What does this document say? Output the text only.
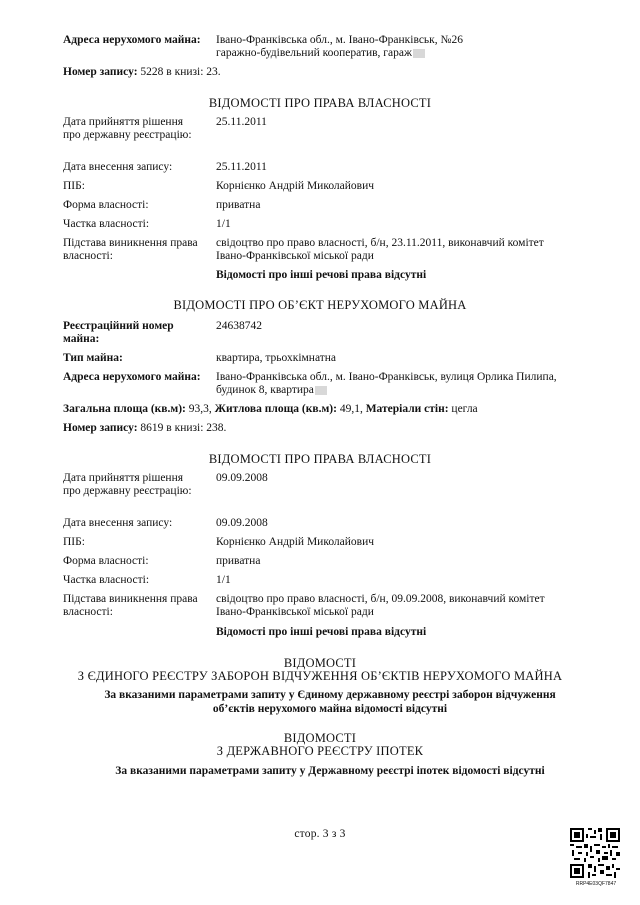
Адреса нерухомого майна: Івано-Франківська обл., м. Івано-Франківськ, №26
гаражно-будівельний кооператив, гараж
Номер запису: 5228 в книзі: 23.
ВІДОМОСТІ ПРО ПРАВА ВЛАСНОСТІ
Дата прийняття рішення про державну реєстрацію:
25.11.2011
Дата внесення запису:	25.11.2011
ПІБ:	Корнієнко Андрій Миколайович
Форма власності:	приватна
Частка власності:	1/1
Підстава виникнення права власності:
свідоцтво про право власності, б/н, 23.11.2011, виконавчий комітет
Івано-Франківської міської ради
Відомості про інші речові права відсутні
ВІДОМОСТІ ПРО ОБ’ЄКТ НЕРУХОМОГО МАЙНА
Реєстраційний номер майна:
24638742
Тип майна:	квартира, трьохкімнатна
Адреса нерухомого майна: Івано-Франківська обл., м. Івано-Франківськ, вулиця Орлика Пилипа,
будинок 8, квартира
Загальна площа (кв.м): 93,3, Житлова площа (кв.м): 49,1, Матеріали стін: цегла
Номер запису: 8619 в книзі: 238.
ВІДОМОСТІ ПРО ПРАВА ВЛАСНОСТІ
Дата прийняття рішення про державну реєстрацію:
09.09.2008
Дата внесення запису:	09.09.2008
ПІБ:	Корнієнко Андрій Миколайович
Форма власності:	приватна
Частка власності:	1/1
Підстава виникнення права власності:
свідоцтво про право власності, б/н, 09.09.2008, виконавчий комітет
Івано-Франківської міської ради
Відомості про інші речові права відсутні
ВІДОМОСТІ
З ЄДИНОГО РЕЄСТРУ ЗАБОРОН ВІДЧУЖЕННЯ ОБ’ЄКТІВ НЕРУХОМОГО МАЙНА
За вказаними параметрами запиту у Єдиному державному реєстрі заборон відчуження
об’єктів нерухомого майна відомості відсутні
ВІДОМОСТІ
З ДЕРЖАВНОГО РЕЄСТРУ ІПОТЕК
За вказаними параметрами запиту у Державному реєстрі іпотек відомості відсутні
стор. 3 з 3
RRP4E03QF7847
